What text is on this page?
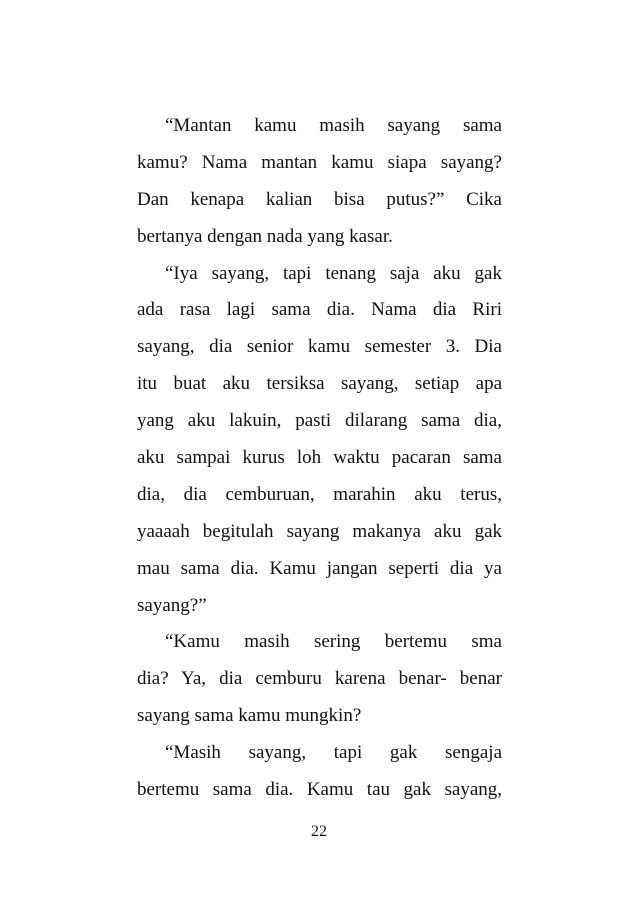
“Mantan kamu masih sayang sama
kamu? Nama mantan kamu siapa sayang?
Dan kenapa kalian bisa putus?” Cika
bertanya dengan nada yang kasar.
“Iya sayang, tapi tenang saja aku gak
ada rasa lagi sama dia. Nama dia Riri
sayang, dia senior kamu semester 3. Dia
itu buat aku tersiksa sayang, setiap apa
yang aku lakuin, pasti dilarang sama dia,
aku sampai kurus loh waktu pacaran sama
dia, dia cemburuan, marahin aku terus,
yaaaah begitulah sayang makanya aku gak
mau sama dia. Kamu jangan seperti dia ya
sayang?”
“Kamu masih sering bertemu sma
dia? Ya, dia cemburu karena benar- benar
sayang sama kamu mungkin?
“Masih sayang, tapi gak sengaja
bertemu sama dia. Kamu tau gak sayang,
22
